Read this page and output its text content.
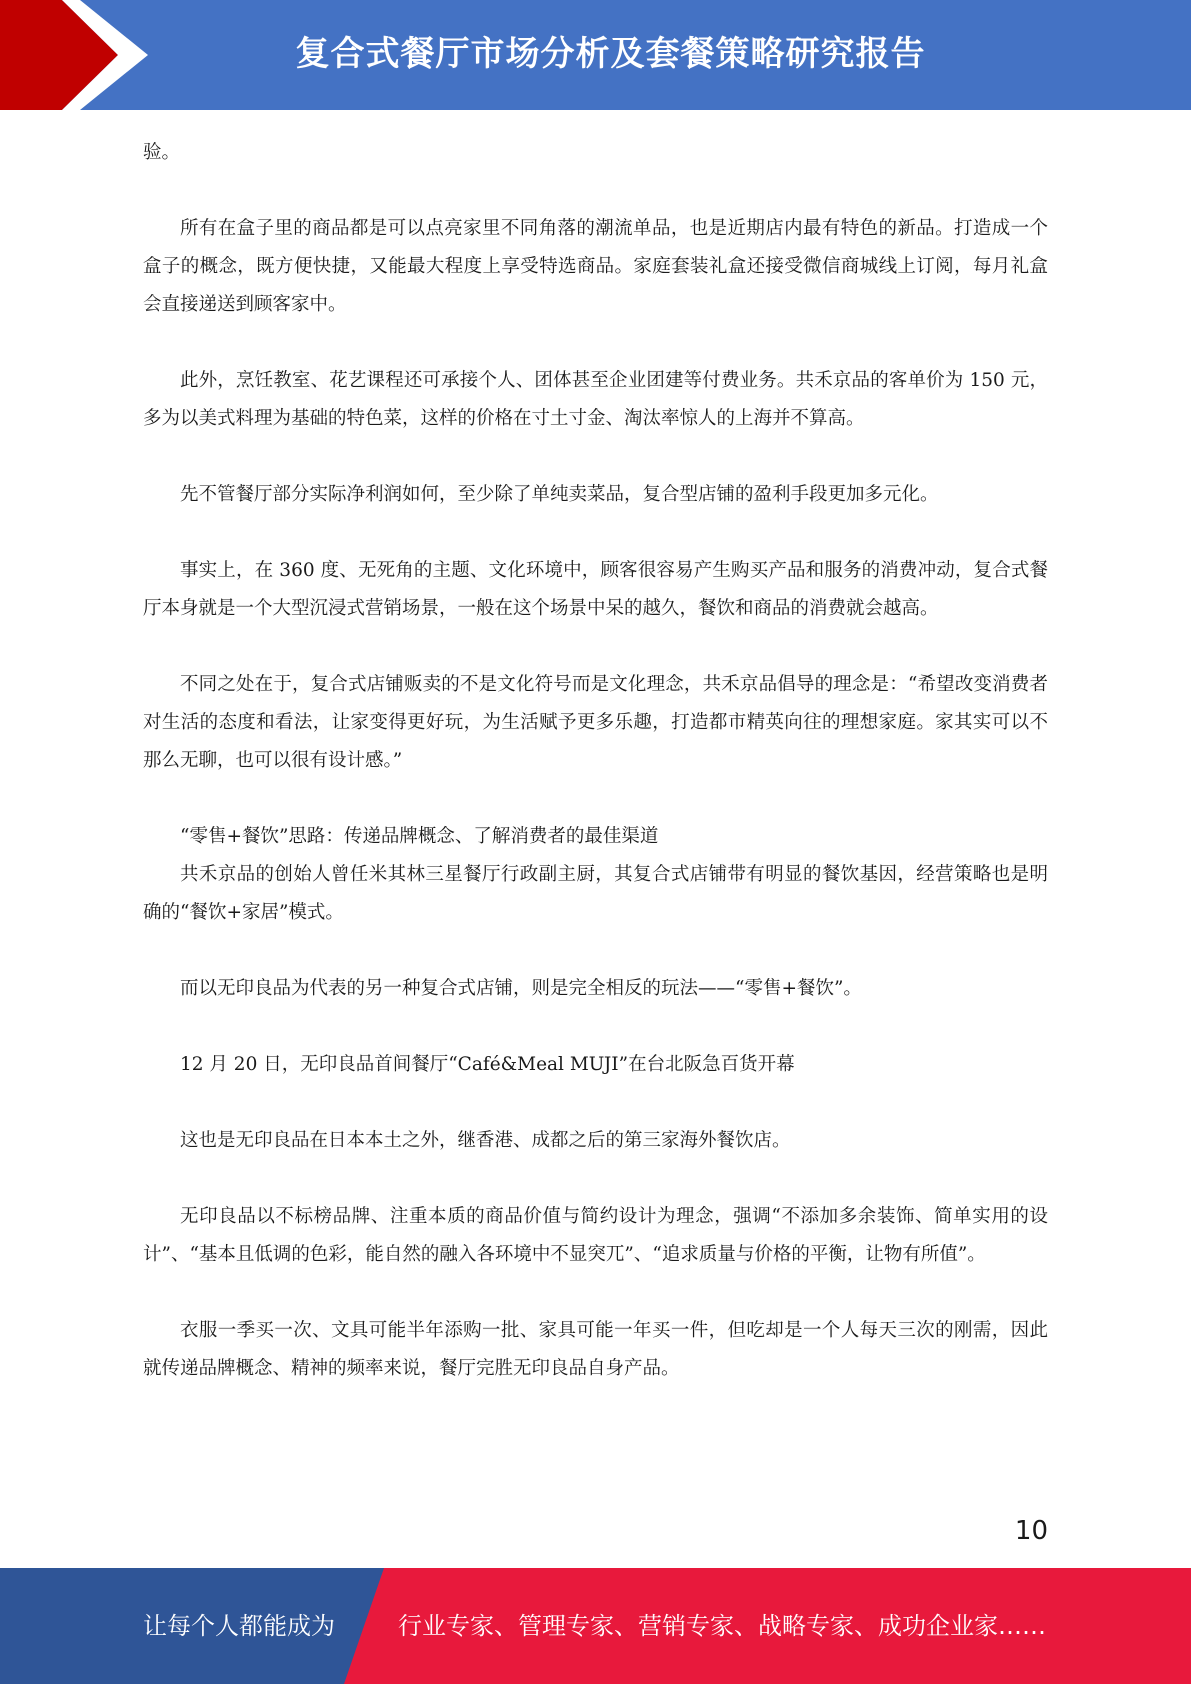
复合式餐厅市场分析及套餐策略研究报告

验。

所有在盒子里的商品都是可以点亮家里不同角落的潮流单品，也是近期店内最有特色的新品。打造成一个盒子的概念，既方便快捷，又能最大程度上享受特选商品。家庭套装礼盒还接受微信商城线上订阅，每月礼盒会直接递送到顾客家中。

此外，烹饪教室、花艺课程还可承接个人、团体甚至企业团建等付费业务。共禾京品的客单价为 150 元，多为以美式料理为基础的特色菜，这样的价格在寸土寸金、淘汰率惊人的上海并不算高。

先不管餐厅部分实际净利润如何，至少除了单纯卖菜品，复合型店铺的盈利手段更加多元化。

事实上，在 360 度、无死角的主题、文化环境中，顾客很容易产生购买产品和服务的消费冲动，复合式餐厅本身就是一个大型沉浸式营销场景，一般在这个场景中呆的越久，餐饮和商品的消费就会越高。

不同之处在于，复合式店铺贩卖的不是文化符号而是文化理念，共禾京品倡导的理念是：“希望改变消费者对生活的态度和看法，让家变得更好玩，为生活赋予更多乐趣，打造都市精英向往的理想家庭。家其实可以不那么无聊，也可以很有设计感。”

“零售+餐饮”思路：传递品牌概念、了解消费者的最佳渠道

共禾京品的创始人曾任米其林三星餐厅行政副主厨，其复合式店铺带有明显的餐饮基因，经营策略也是明确的“餐饮+家居”模式。

而以无印良品为代表的另一种复合式店铺，则是完全相反的玩法——“零售+餐饮”。

12 月 20 日，无印良品首间餐厅“Café&Meal MUJI”在台北阪急百货开幕

这也是无印良品在日本本土之外，继香港、成都之后的第三家海外餐饮店。

无印良品以不标榜品牌、注重本质的商品价值与简约设计为理念，强调“不添加多余装饰、简单实用的设计”、“基本且低调的色彩，能自然的融入各环境中不显突兀”、“追求质量与价格的平衡，让物有所值”。

衣服一季买一次、文具可能半年添购一批、家具可能一年买一件，但吃却是一个人每天三次的刚需，因此就传递品牌概念、精神的频率来说，餐厅完胜无印良品自身产品。

10
让每个人都能成为	行业专家、管理专家、营销专家、战略专家、成功企业家……
